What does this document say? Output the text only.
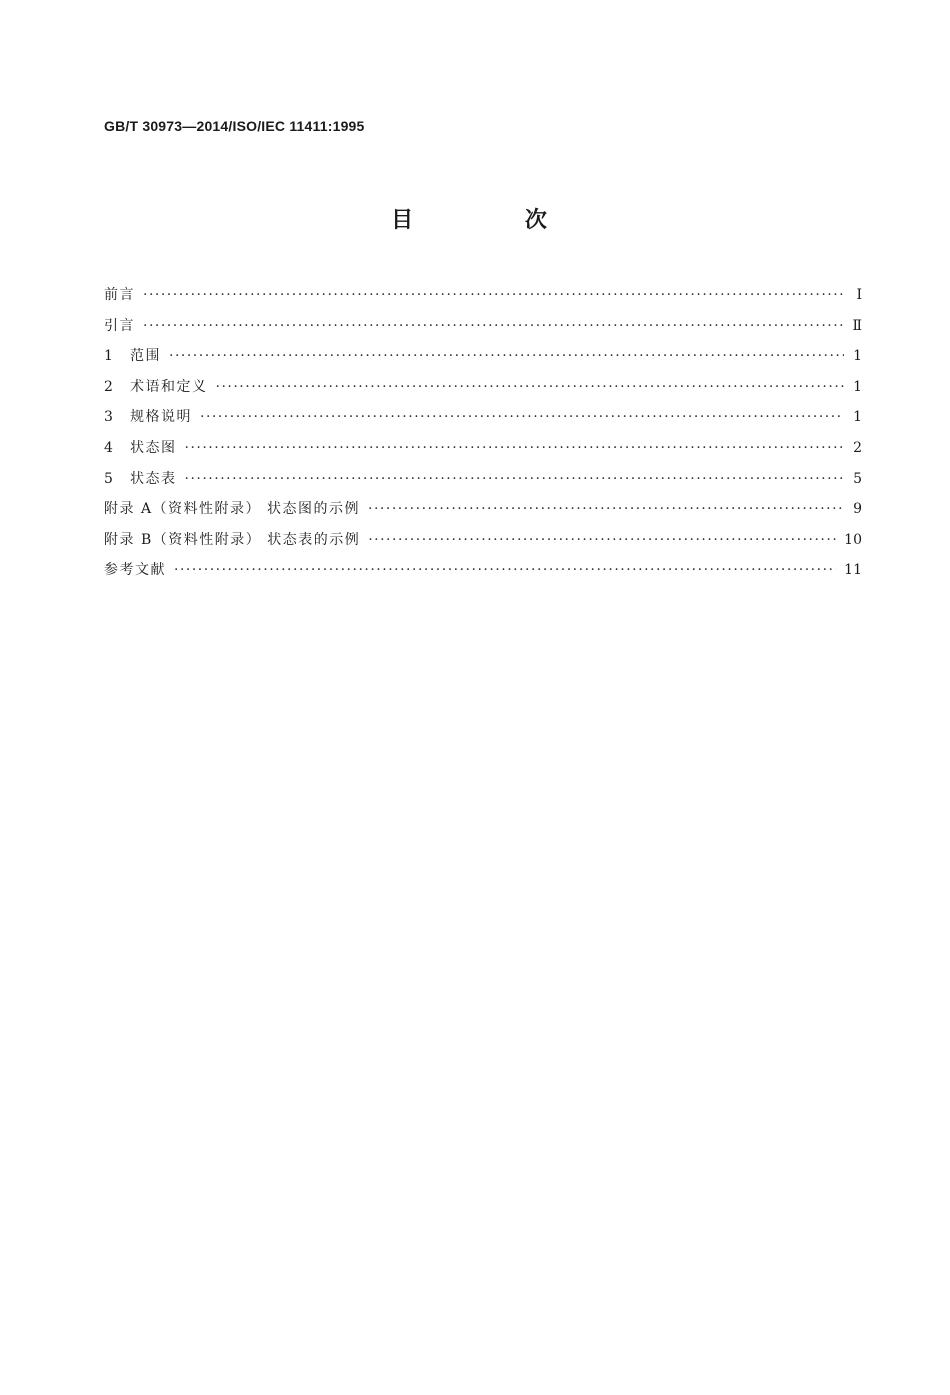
GB/T 30973—2014/ISO/IEC 11411:1995
目 次
前言 ·····	Ⅰ
引言 ·····	Ⅱ
1	范围 ·····	1
2	术语和定义 ·····	1
3	规格说明 ·····	1
4	状态图 ·····	2
5	状态表 ·····	5
附录 A（资料性附录） 状态图的示例 ·····	9
附录 B（资料性附录） 状态表的示例 ·····	10
参考文献 ·····	11
